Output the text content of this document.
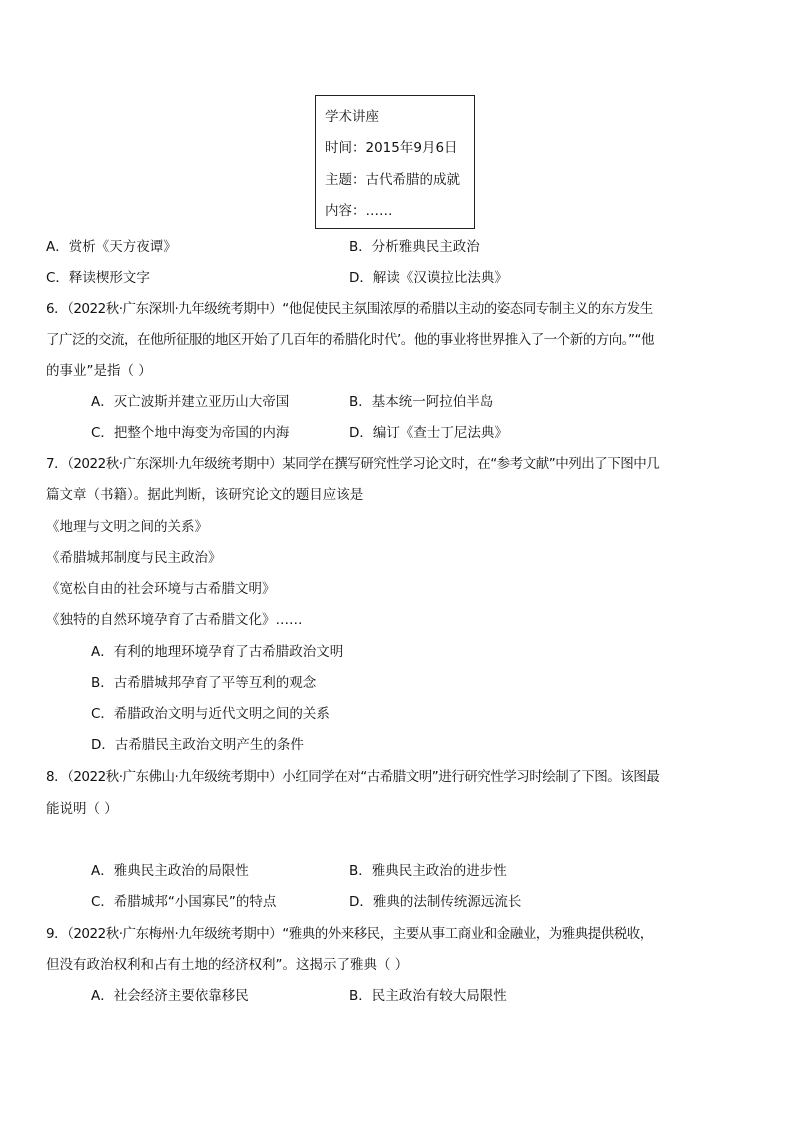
学术讲座
时间：2015年9月6日
主题：古代希腊的成就
内容：……
A．赏析《天方夜谭》	B．分析雅典民主政治
C．释读楔形文字	D．解读《汉谟拉比法典》
6．（2022秋·广东深圳·九年级统考期中）“他促使民主氛围浓厚的希腊以主动的姿态同专制主义的东方发生
了广泛的交流，在他所征服的地区开始了几百年的希腊化时代’。他的事业将世界推入了一个新的方向。”“他
的事业”是指（ ）
A．灭亡波斯并建立亚历山大帝国	B．基本统一阿拉伯半岛
C．把整个地中海变为帝国的内海	D．编订《查士丁尼法典》
7．（2022秋·广东深圳·九年级统考期中）某同学在撰写研究性学习论文时，在“参考文献”中列出了下图中几
篇文章（书籍）。据此判断，该研究论文的题目应该是
《地理与文明之间的关系》
《希腊城邦制度与民主政治》
《宽松自由的社会环境与古希腊文明》
《独特的自然环境孕育了古希腊文化》……
A．有利的地理环境孕育了古希腊政治文明
B．古希腊城邦孕育了平等互利的观念
C．希腊政治文明与近代文明之间的关系
D．古希腊民主政治文明产生的条件
8．（2022秋·广东佛山·九年级统考期中）小红同学在对“古希腊文明”进行研究性学习时绘制了下图。该图最
能说明（ ）
A．雅典民主政治的局限性	B．雅典民主政治的进步性
C．希腊城邦“小国寡民”的特点	D．雅典的法制传统源远流长
9．（2022秋·广东梅州·九年级统考期中）“雅典的外来移民，主要从事工商业和金融业，为雅典提供税收，
但没有政治权利和占有土地的经济权利”。这揭示了雅典（ ）
A．社会经济主要依靠移民	B．民主政治有较大局限性
